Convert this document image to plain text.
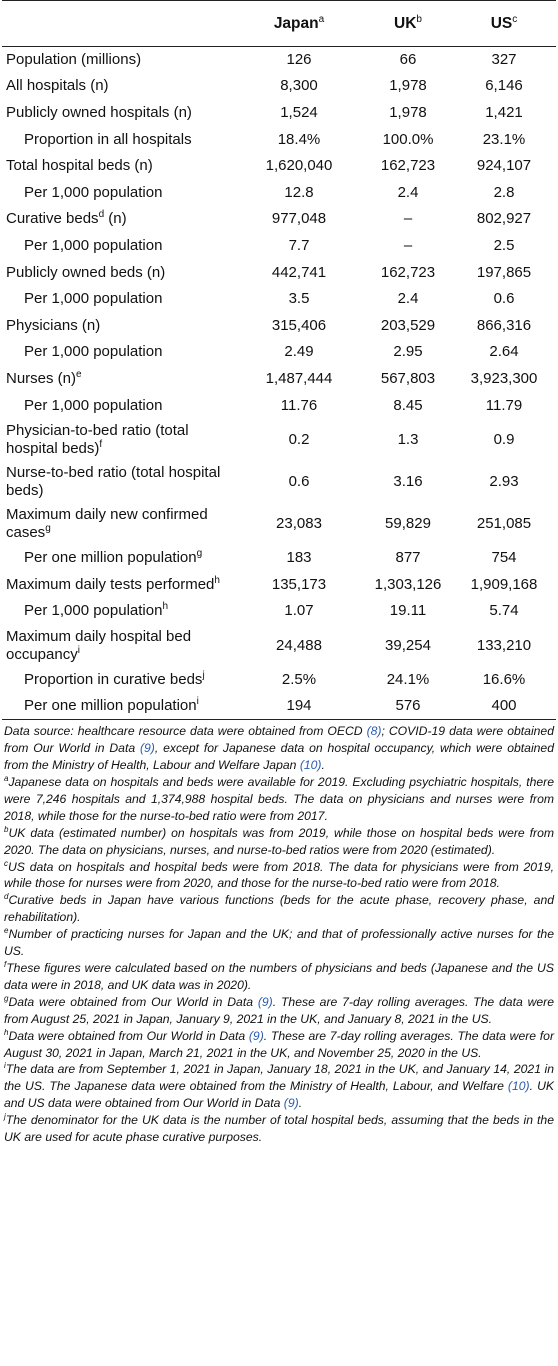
	Japan$^a$	$UK^b$	$US^c$
Population (millions)	126	66	327
All hospitals (n)	8,300	1,978	6,146
Publicly owned hospitals (n)	1,524	1,978	1,421
Proportion in all hospitals	18.4%	100.0%	23.1%
Total hospital beds (n)	1,620,040	162,723	924,107
Per 1,000 population	12.8	2.4	2.8
Curative beds$^d$ (n)	977,048	–	802,927
Per 1,000 population	7.7	–	2.5
Publicly owned beds (n)	442,741	162,723	197,865
Per 1,000 population	3.5	2.4	0.6
Physicians (n)	315,406	203,529	866,316
Per 1,000 population	2.49	2.95	2.64
Nurses $(n)^e$	1,487,444	567,803	3,923,300
Per 1,000 population	11.76	8.45	11.79
Physician-to-bed ratio (total hospital beds)$^f$	0.2	1.3	0.9
Nurse-to-bed ratio (total hospital beds)	0.6	3.16	2.93
Maximum daily new confirmed cases$^g$	23,083	59,829	251,085
Per one million population$^g$	183	877	754
Maximum daily tests performed$^h$	135,173	1,303,126	1,909,168
Per 1,000 population$^h$	1.07	19.11	5.74
Maximum daily hospital bed occupancy$^i$	24,488	39,254	133,210
Proportion in curative beds$^j$	2.5%	24.1%	16.6%
Per one million population$^i$	194	576	400

Data source: healthcare resource data were obtained from OECD (8); COVID-19 data were obtained from Our World in Data (9), except for Japanese data on hospital occupancy, which were obtained from the Ministry of Health, Labour and Welfare Japan (10).

$^a$Japanese data on hospitals and beds were available for 2019. Excluding psychiatric hospitals, there were 7,246 hospitals and 1,374,988 hospital beds. The data on physicians and nurses were from 2018, while those for the nurse-to-bed ratio were from 2017.

$^b$UK data (estimated number) on hospitals was from 2019, while those on hospital beds were from 2020. The data on physicians, nurses, and nurse-to-bed ratios were from 2020 (estimated).

$^c$US data on hospitals and hospital beds were from 2018. The data for physicians were from 2019, while those for nurses were from 2020, and those for the nurse-to-bed ratio were from 2018.

$^d$Curative beds in Japan have various functions (beds for the acute phase, recovery phase, and rehabilitation).

$^e$Number of practicing nurses for Japan and the UK; and that of professionally active nurses for the US.

$^f$These figures were calculated based on the numbers of physicians and beds (Japanese and the US data were in 2018, and UK data was in 2020).

$^g$Data were obtained from Our World in Data (9). These are 7-day rolling averages. The data were from August 25, 2021 in Japan, January 9, 2021 in the UK, and January 8, 2021 in the US.

$^h$Data were obtained from Our World in Data (9). These are 7-day rolling averages. The data were for August 30, 2021 in Japan, March 21, 2021 in the UK, and November 25, 2020 in the US.

$^i$The data are from September 1, 2021 in Japan, January 18, 2021 in the UK, and January 14, 2021 in the US. The Japanese data were obtained from the Ministry of Health, Labour, and Welfare (10). UK and US data were obtained from Our World in Data (9).

$^j$The denominator for the UK data is the number of total hospital beds, assuming that the beds in the UK are used for acute phase curative purposes.
